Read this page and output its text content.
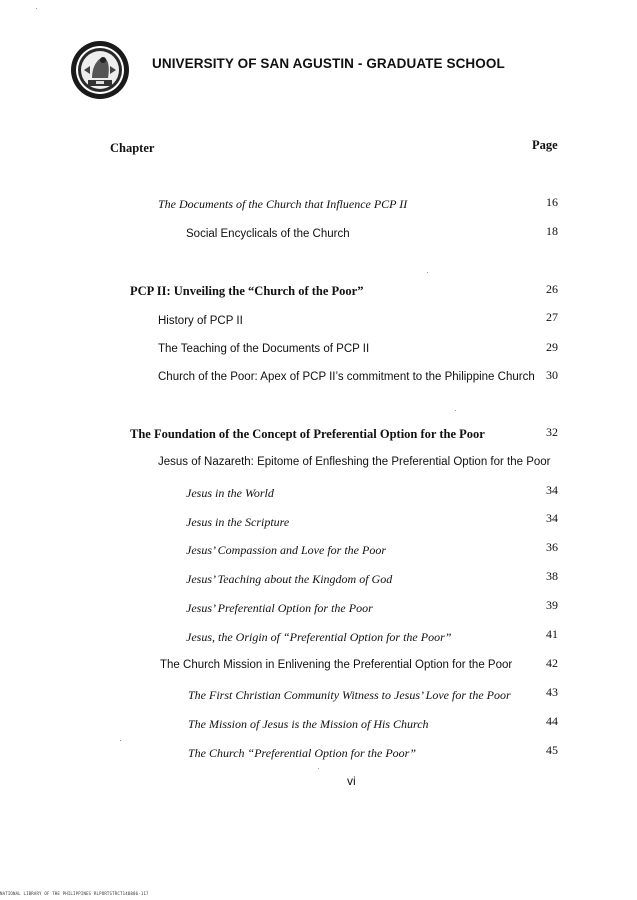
UNIVERSITY OF SAN AGUSTIN - GRADUATE SCHOOL
Chapter	Page
The Documents of the Church that Influence PCP II	16
Social Encyclicals of the Church	18
PCP II: Unveiling the “Church of the Poor”	26
History of PCP II	27
The Teaching of the Documents of PCP II	29
Church of the Poor: Apex of PCP II’s commitment to the Philippine Church 30
The Foundation of the Concept of Preferential Option for the Poor	32
Jesus of Nazareth: Epitome of Enfleshing the Preferential Option for the Poor
Jesus in the World	34
Jesus in the Scripture	34
Jesus’ Compassion and Love for the Poor	36
Jesus’ Teaching about the Kingdom of God	38
Jesus’ Preferential Option for the Poor	39
Jesus, the Origin of “Preferential Option for the Poor”	41
The Church Mission in Enlivening the Preferential Option for the Poor	42
The First Christian Community Witness to Jesus’ Love for the Poor	43
The Mission of Jesus is the Mission of His Church	44
The Church “Preferential Option for the Poor”	45
vi
NATIONAL LIBRARY OF THE PHILIPPINES RLPORTSTRCT140806-117
